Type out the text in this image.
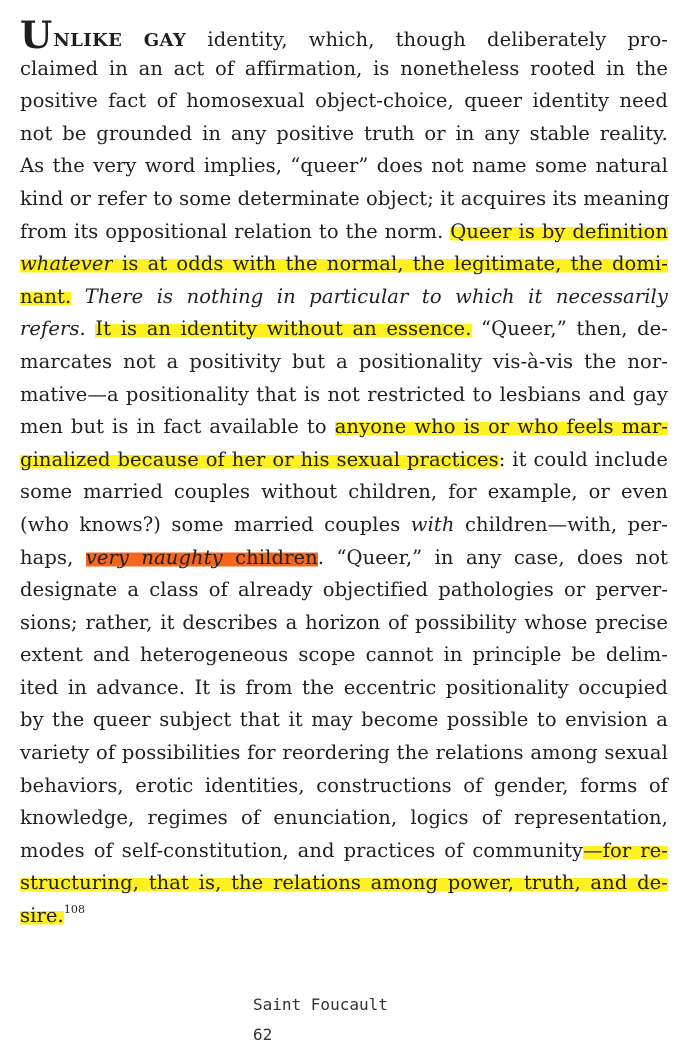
UNLIKE GAY identity, which, though deliberately pro-
claimed in an act of affirmation, is nonetheless rooted in the
positive fact of homosexual object-choice, queer identity need
not be grounded in any positive truth or in any stable reality.
As the very word implies, “queer” does not name some natural
kind or refer to some determinate object; it acquires its meaning
from its oppositional relation to the norm. Queer is by definition
whatever is at odds with the normal, the legitimate, the domi-
nant. There is nothing in particular to which it necessarily
refers. It is an identity without an essence. “Queer,” then, de-
marcates not a positivity but a positionality vis-à-vis the nor-
mative—a positionality that is not restricted to lesbians and gay
men but is in fact available to anyone who is or who feels mar-
ginalized because of her or his sexual practices: it could include
some married couples without children, for example, or even
(who knows?) some married couples with children—with, per-
haps, very naughty children. “Queer,” in any case, does not
designate a class of already objectified pathologies or perver-
sions; rather, it describes a horizon of possibility whose precise
extent and heterogeneous scope cannot in principle be delim-
ited in advance. It is from the eccentric positionality occupied
by the queer subject that it may become possible to envision a
variety of possibilities for reordering the relations among sexual
behaviors, erotic identities, constructions of gender, forms of
knowledge, regimes of enunciation, logics of representation,
modes of self-constitution, and practices of community—for re-
structuring, that is, the relations among power, truth, and de-
sire.$^{108}$
Saint Foucault
62
